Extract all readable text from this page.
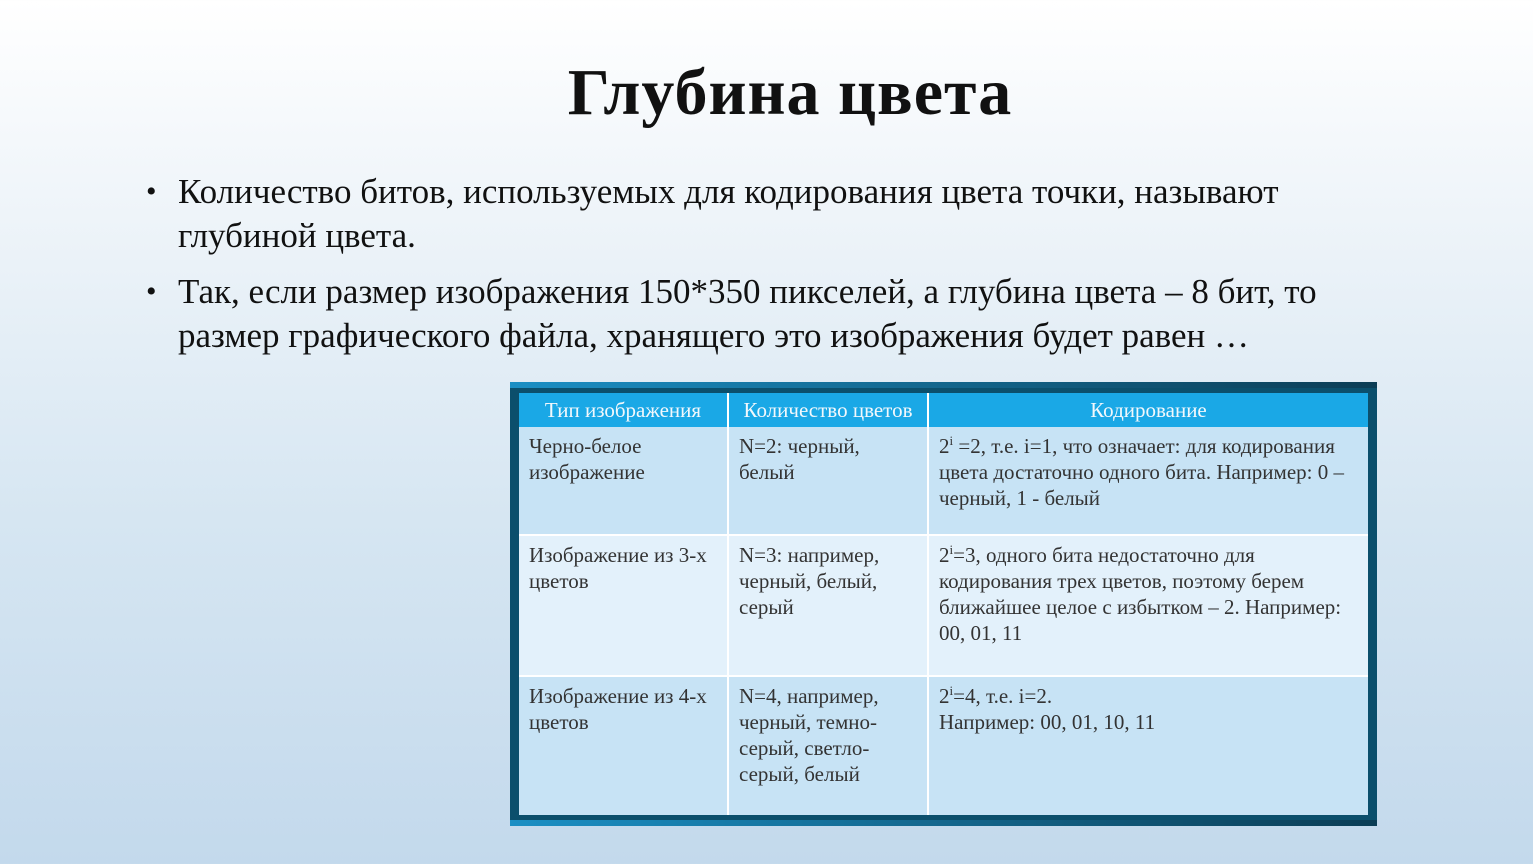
Глубина цвета
• Количество битов, используемых для кодирования цвета точки, называют глубиной цвета.
• Так, если размер изображения 150*350 пикселей, а глубина цвета – 8 бит, то размер графического файла, хранящего это изображения будет равен …
Тип изображения	Количество цветов	Кодирование
Черно-белое изображение	N=2: черный, белый	$2^i =2$, т.е. i=1, что означает: для кодирования цвета достаточно одного бита. Например: 0 – черный, 1 - белый
Изображение из 3-х цветов	N=3: например, черный, белый, серый	$2^i=3$, одного бита недостаточно для кодирования трех цветов, поэтому берем ближайшее целое с избытком – 2. Например: 00, 01, 11
Изображение из 4-х цветов	N=4, например, черный, темно-серый, светло-серый, белый	$2^i=4$, т.е. i=2.
Например: 00, 01, 10, 11
